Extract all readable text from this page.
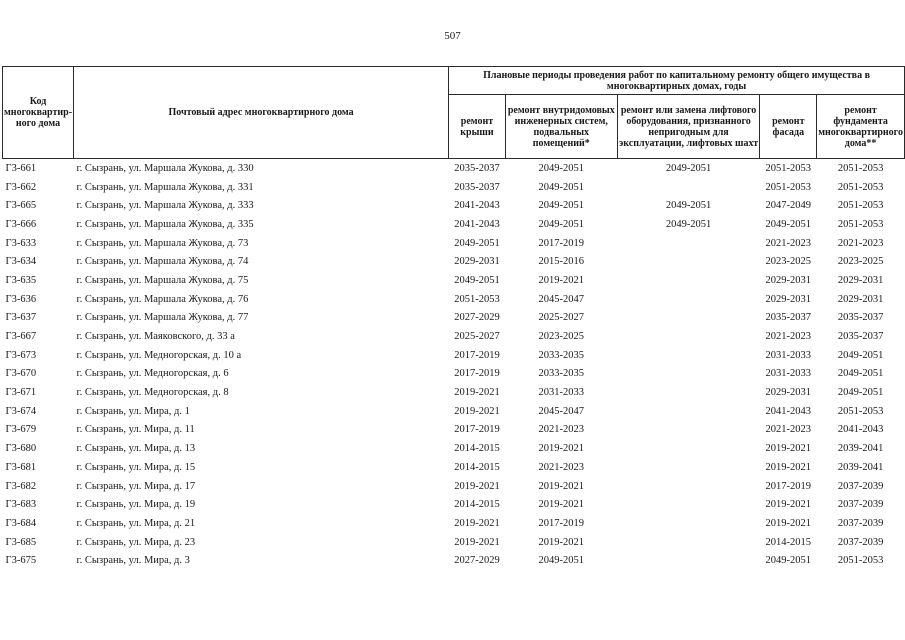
507
Код многоквартир-ного дома	Почтовый адрес многоквартирного дома	Плановые периоды проведения работ по капитальному ремонту общего имущества в многоквартирных домах, годы				
		ремонт крыши	ремонт внутридомовых инженерных систем, подвальных помещений*	ремонт или замена лифтового оборудования, признанного непригодным для эксплуатации, лифтовых шахт	ремонт фасада	ремонт фундамента многоквартирного дома**
Г3-661	г. Сызрань, ул. Маршала Жукова, д. 330	2035-2037	2049-2051	2049-2051	2051-2053	2051-2053
Г3-662	г. Сызрань, ул. Маршала Жукова, д. 331	2035-2037	2049-2051		2051-2053	2051-2053
Г3-665	г. Сызрань, ул. Маршала Жукова, д. 333	2041-2043	2049-2051	2049-2051	2047-2049	2051-2053
Г3-666	г. Сызрань, ул. Маршала Жукова, д. 335	2041-2043	2049-2051	2049-2051	2049-2051	2051-2053
Г3-633	г. Сызрань, ул. Маршала Жукова, д. 73	2049-2051	2017-2019		2021-2023	2021-2023
Г3-634	г. Сызрань, ул. Маршала Жукова, д. 74	2029-2031	2015-2016		2023-2025	2023-2025
Г3-635	г. Сызрань, ул. Маршала Жукова, д. 75	2049-2051	2019-2021		2029-2031	2029-2031
Г3-636	г. Сызрань, ул. Маршала Жукова, д. 76	2051-2053	2045-2047		2029-2031	2029-2031
Г3-637	г. Сызрань, ул. Маршала Жукова, д. 77	2027-2029	2025-2027		2035-2037	2035-2037
Г3-667	г. Сызрань, ул. Маяковского, д. 33 а	2025-2027	2023-2025		2021-2023	2035-2037
Г3-673	г. Сызрань, ул. Медногорская, д. 10 а	2017-2019	2033-2035		2031-2033	2049-2051
Г3-670	г. Сызрань, ул. Медногорская, д. 6	2017-2019	2033-2035		2031-2033	2049-2051
Г3-671	г. Сызрань, ул. Медногорская, д. 8	2019-2021	2031-2033		2029-2031	2049-2051
Г3-674	г. Сызрань, ул. Мира, д. 1	2019-2021	2045-2047		2041-2043	2051-2053
Г3-679	г. Сызрань, ул. Мира, д. 11	2017-2019	2021-2023		2021-2023	2041-2043
Г3-680	г. Сызрань, ул. Мира, д. 13	2014-2015	2019-2021		2019-2021	2039-2041
Г3-681	г. Сызрань, ул. Мира, д. 15	2014-2015	2021-2023		2019-2021	2039-2041
Г3-682	г. Сызрань, ул. Мира, д. 17	2019-2021	2019-2021		2017-2019	2037-2039
Г3-683	г. Сызрань, ул. Мира, д. 19	2014-2015	2019-2021		2019-2021	2037-2039
Г3-684	г. Сызрань, ул. Мира, д. 21	2019-2021	2017-2019		2019-2021	2037-2039
Г3-685	г. Сызрань, ул. Мира, д. 23	2019-2021	2019-2021		2014-2015	2037-2039
Г3-675	г. Сызрань, ул. Мира, д. 3	2027-2029	2049-2051		2049-2051	2051-2053
